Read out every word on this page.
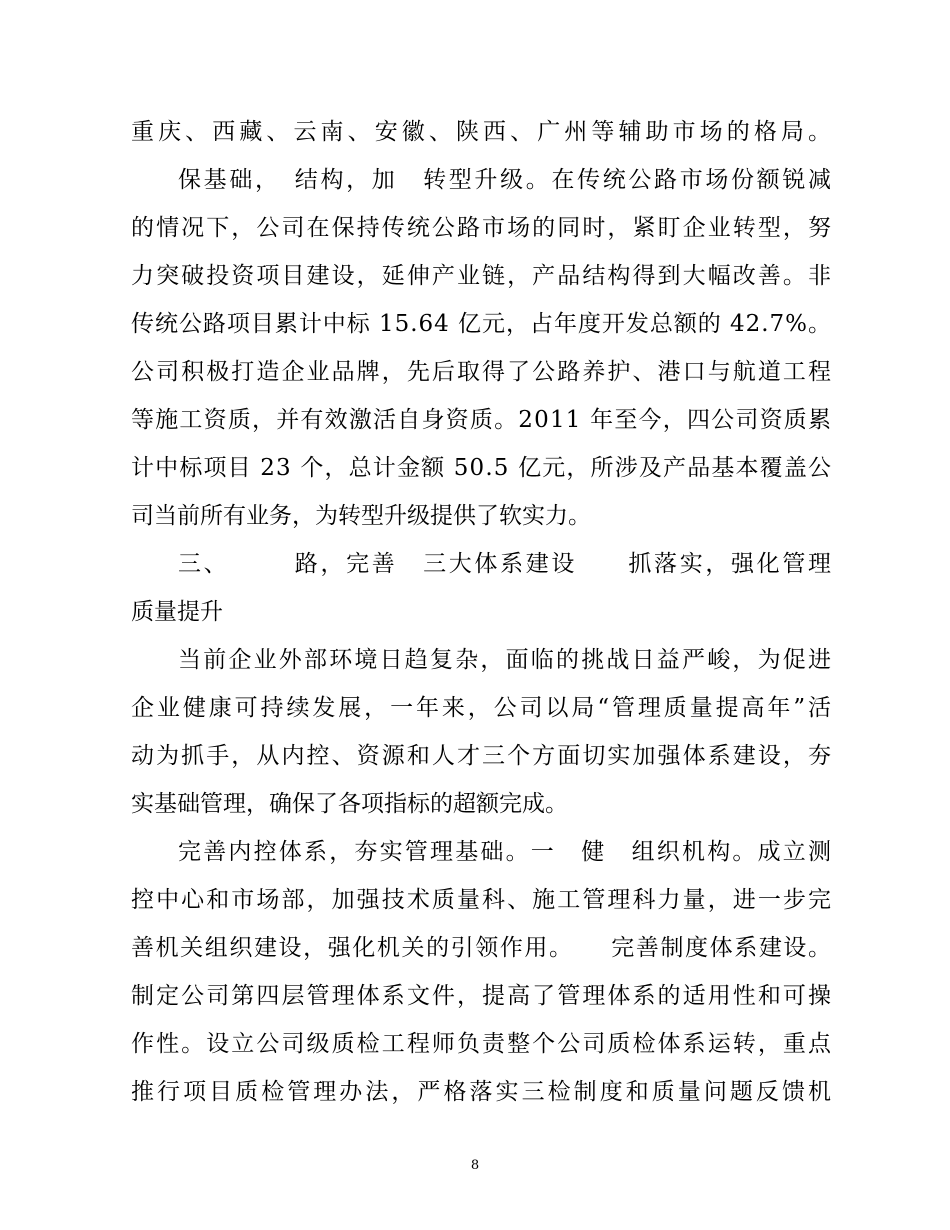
重庆、西藏、云南、安徽、陕西、广州等辅助市场的格局。
保基础，　结构，加　转型升级。在传统公路市场份额锐减
的情况下，公司在保持传统公路市场的同时，紧盯企业转型，努
力突破投资项目建设，延伸产业链，产品结构得到大幅改善。非
传统公路项目累计中标 15.64 亿元，占年度开发总额的 42.7%。
公司积极打造企业品牌，先后取得了公路养护、港口与航道工程
等施工资质，并有效激活自身资质。2011 年至今，四公司资质累
计中标项目 23 个，总计金额 50.5 亿元，所涉及产品基本覆盖公
司当前所有业务，为转型升级提供了软实力。
三、　　　路，完善　三大体系建设　　抓落实，强化管理
质量提升
当前企业外部环境日趋复杂，面临的挑战日益严峻，为促进
企业健康可持续发展，一年来，公司以局“管理质量提高年”活
动为抓手，从内控、资源和人才三个方面切实加强体系建设，夯
实基础管理，确保了各项指标的超额完成。
完善内控体系，夯实管理基础。一　健　组织机构。成立测
控中心和市场部，加强技术质量科、施工管理科力量，进一步完
善机关组织建设，强化机关的引领作用。　　完善制度体系建设。
制定公司第四层管理体系文件，提高了管理体系的适用性和可操
作性。设立公司级质检工程师负责整个公司质检体系运转，重点
推行项目质检管理办法，严格落实三检制度和质量问题反馈机
8
